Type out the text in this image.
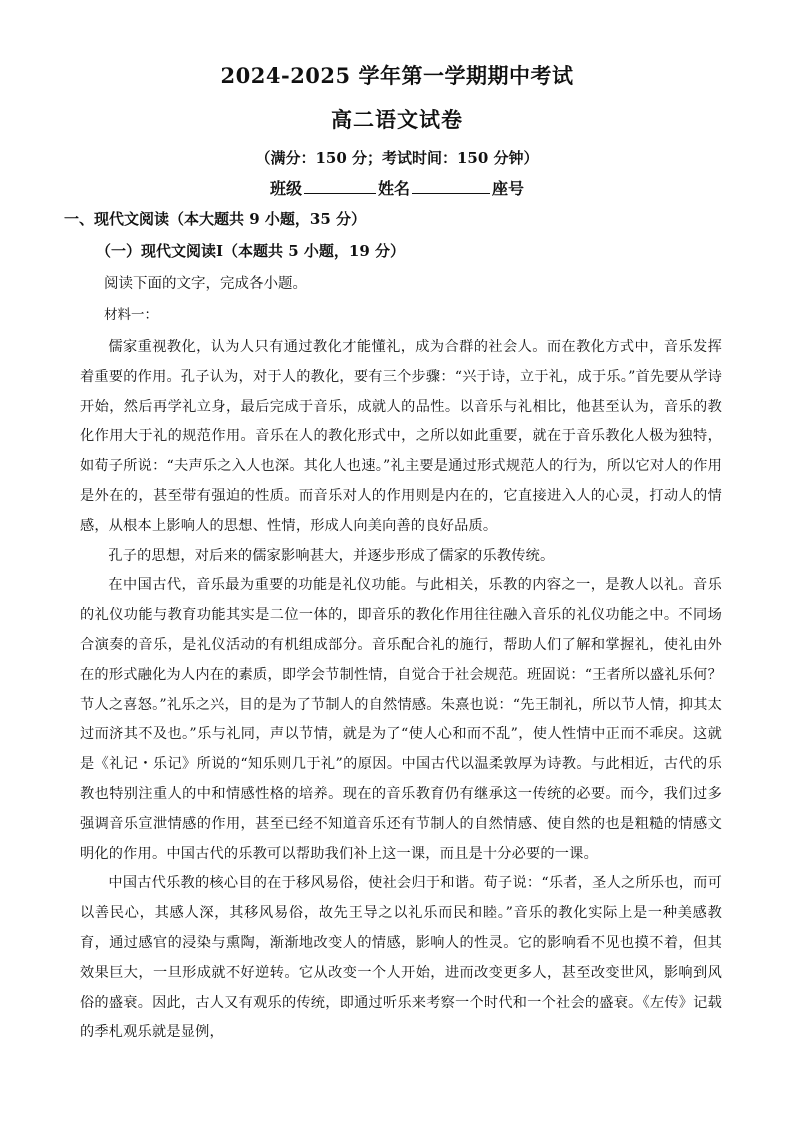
2024-2025 学年第一学期期中考试
高二语文试卷
（满分：150 分；考试时间：150 分钟）
班级	姓名	座号
一、现代文阅读（本大题共 9 小题，35 分）
（一）现代文阅读Ⅰ（本题共 5 小题，19 分）
阅读下面的文字，完成各小题。
材料一：

儒家重视教化，认为人只有通过教化才能懂礼，成为合群的社会人。而在教化方式中，音乐发挥着重要的作用。孔子认为，对于人的教化，要有三个步骤：“兴于诗，立于礼，成于乐。”首先要从学诗开始，然后再学礼立身，最后完成于音乐，成就人的品性。以音乐与礼相比，他甚至认为，音乐的教化作用大于礼的规范作用。音乐在人的教化形式中，之所以如此重要，就在于音乐教化人极为独特，如荀子所说：“夫声乐之入人也深。其化人也速。”礼主要是通过形式规范人的行为，所以它对人的作用是外在的，甚至带有强迫的性质。而音乐对人的作用则是内在的，它直接进入人的心灵，打动人的情感，从根本上影响人的思想、性情，形成人向美向善的良好品质。

孔子的思想，对后来的儒家影响甚大，并逐步形成了儒家的乐教传统。

在中国古代，音乐最为重要的功能是礼仪功能。与此相关，乐教的内容之一，是教人以礼。音乐的礼仪功能与教育功能其实是二位一体的，即音乐的教化作用往往融入音乐的礼仪功能之中。不同场合演奏的音乐，是礼仪活动的有机组成部分。音乐配合礼的施行，帮助人们了解和掌握礼，使礼由外在的形式融化为人内在的素质，即学会节制性情，自觉合于社会规范。班固说：“王者所以盛礼乐何？节人之喜怒。”礼乐之兴，目的是为了节制人的自然情感。朱熹也说：“先王制礼，所以节人情，抑其太过而济其不及也。”乐与礼同，声以节情，就是为了“使人心和而不乱”，使人性情中正而不乖戾。这就是《礼记・乐记》所说的“知乐则几于礼”的原因。中国古代以温柔敦厚为诗教。与此相近，古代的乐教也特别注重人的中和情感性格的培养。现在的音乐教育仍有继承这一传统的必要。而今，我们过多强调音乐宣泄情感的作用，甚至已经不知道音乐还有节制人的自然情感、使自然的也是粗糙的情感文明化的作用。中国古代的乐教可以帮助我们补上这一课，而且是十分必要的一课。

中国古代乐教的核心目的在于移风易俗，使社会归于和谐。荀子说：“乐者，圣人之所乐也，而可以善民心，其感人深，其移风易俗，故先王导之以礼乐而民和睦。”音乐的教化实际上是一种美感教育，通过感官的浸染与熏陶，渐渐地改变人的情感，影响人的性灵。它的影响看不见也摸不着，但其效果巨大，一旦形成就不好逆转。它从改变一个人开始，进而改变更多人，甚至改变世风，影响到风俗的盛衰。因此，古人又有观乐的传统，即通过听乐来考察一个时代和一个社会的盛衰。《左传》记载的季札观乐就是显例，
